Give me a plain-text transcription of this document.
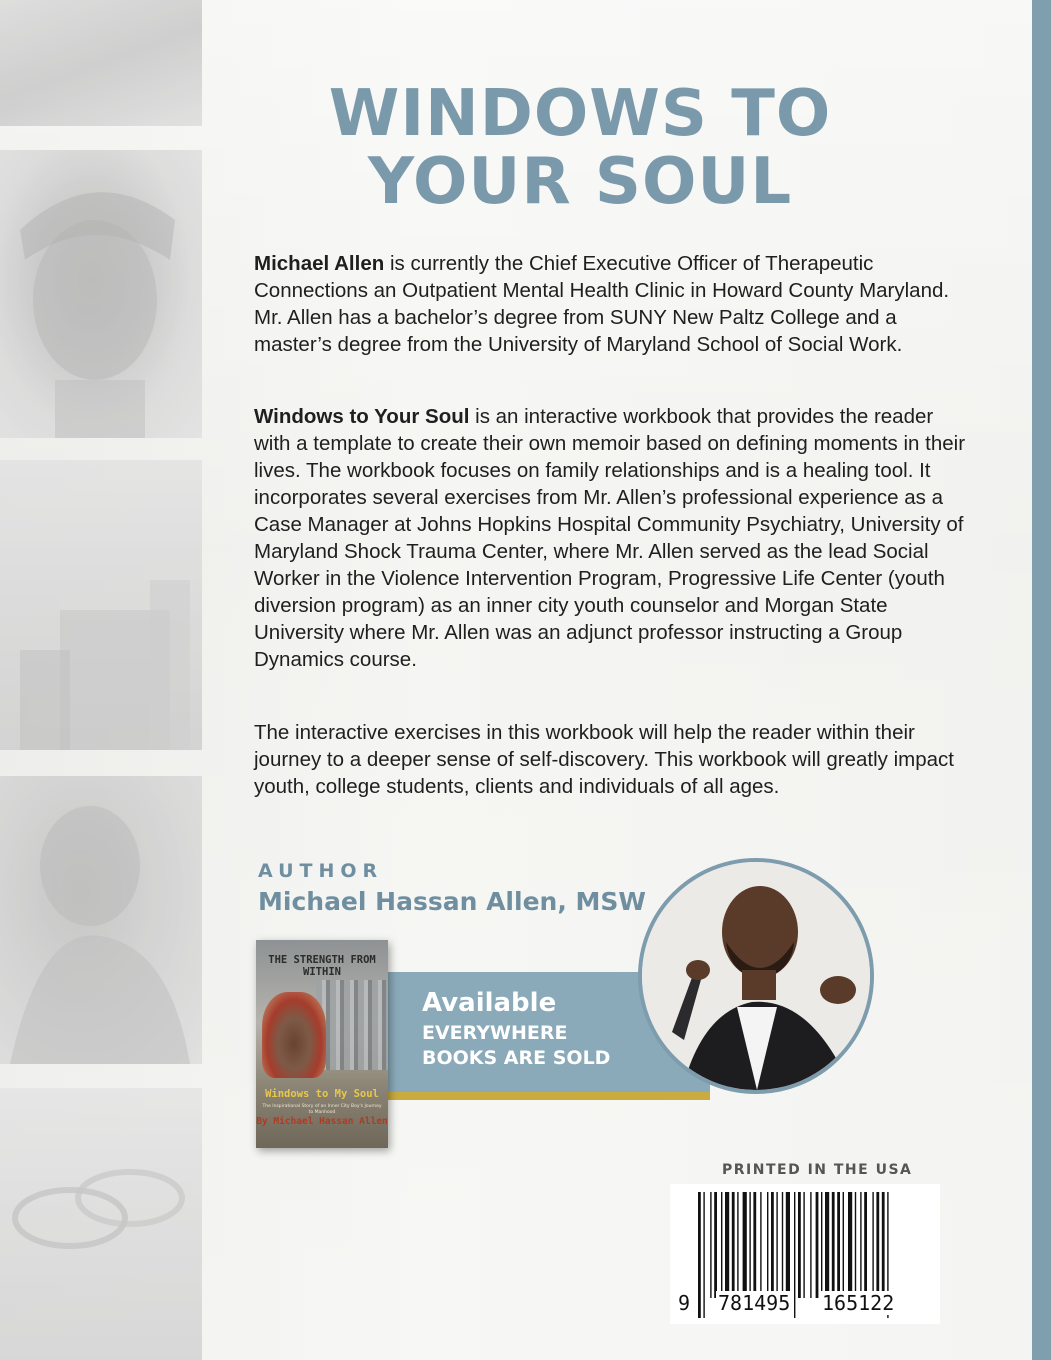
WINDOWS TO
YOUR SOUL

Michael Allen is currently the Chief Executive Officer of Therapeutic Connections an Outpatient Mental Health Clinic in Howard County Maryland. Mr. Allen has a bachelor’s degree from SUNY New Paltz College and a master’s degree from the University of Maryland School of Social Work.

Windows to Your Soul is an interactive workbook that provides the reader with a template to create their own memoir based on defining moments in their lives. The workbook focuses on family relationships and is a healing tool. It incorporates several exercises from Mr. Allen’s professional experience as a Case Manager at Johns Hopkins Hospital Community Psychiatry, University of Maryland Shock Trauma Center, where Mr. Allen served as the lead Social Worker in the Violence Intervention Program, Progressive Life Center (youth diversion program) as an inner city youth counselor and Morgan State University where Mr. Allen was an adjunct professor instructing a Group Dynamics course.

The interactive exercises in this workbook will help the reader within their journey to a deeper sense of self-discovery. This workbook will greatly impact youth, college students, clients and individuals of all ages.

AUTHOR
Michael Hassan Allen, MSW
Available
EVERYWHERE
BOOKS ARE SOLD
THE STRENGTH FROM WITHIN
Windows to My Soul
The Inspirational Story of an Inner City Boy's Journey to Manhood
By Michael Hassan Allen
PRINTED IN THE USA
9 781495 165122
